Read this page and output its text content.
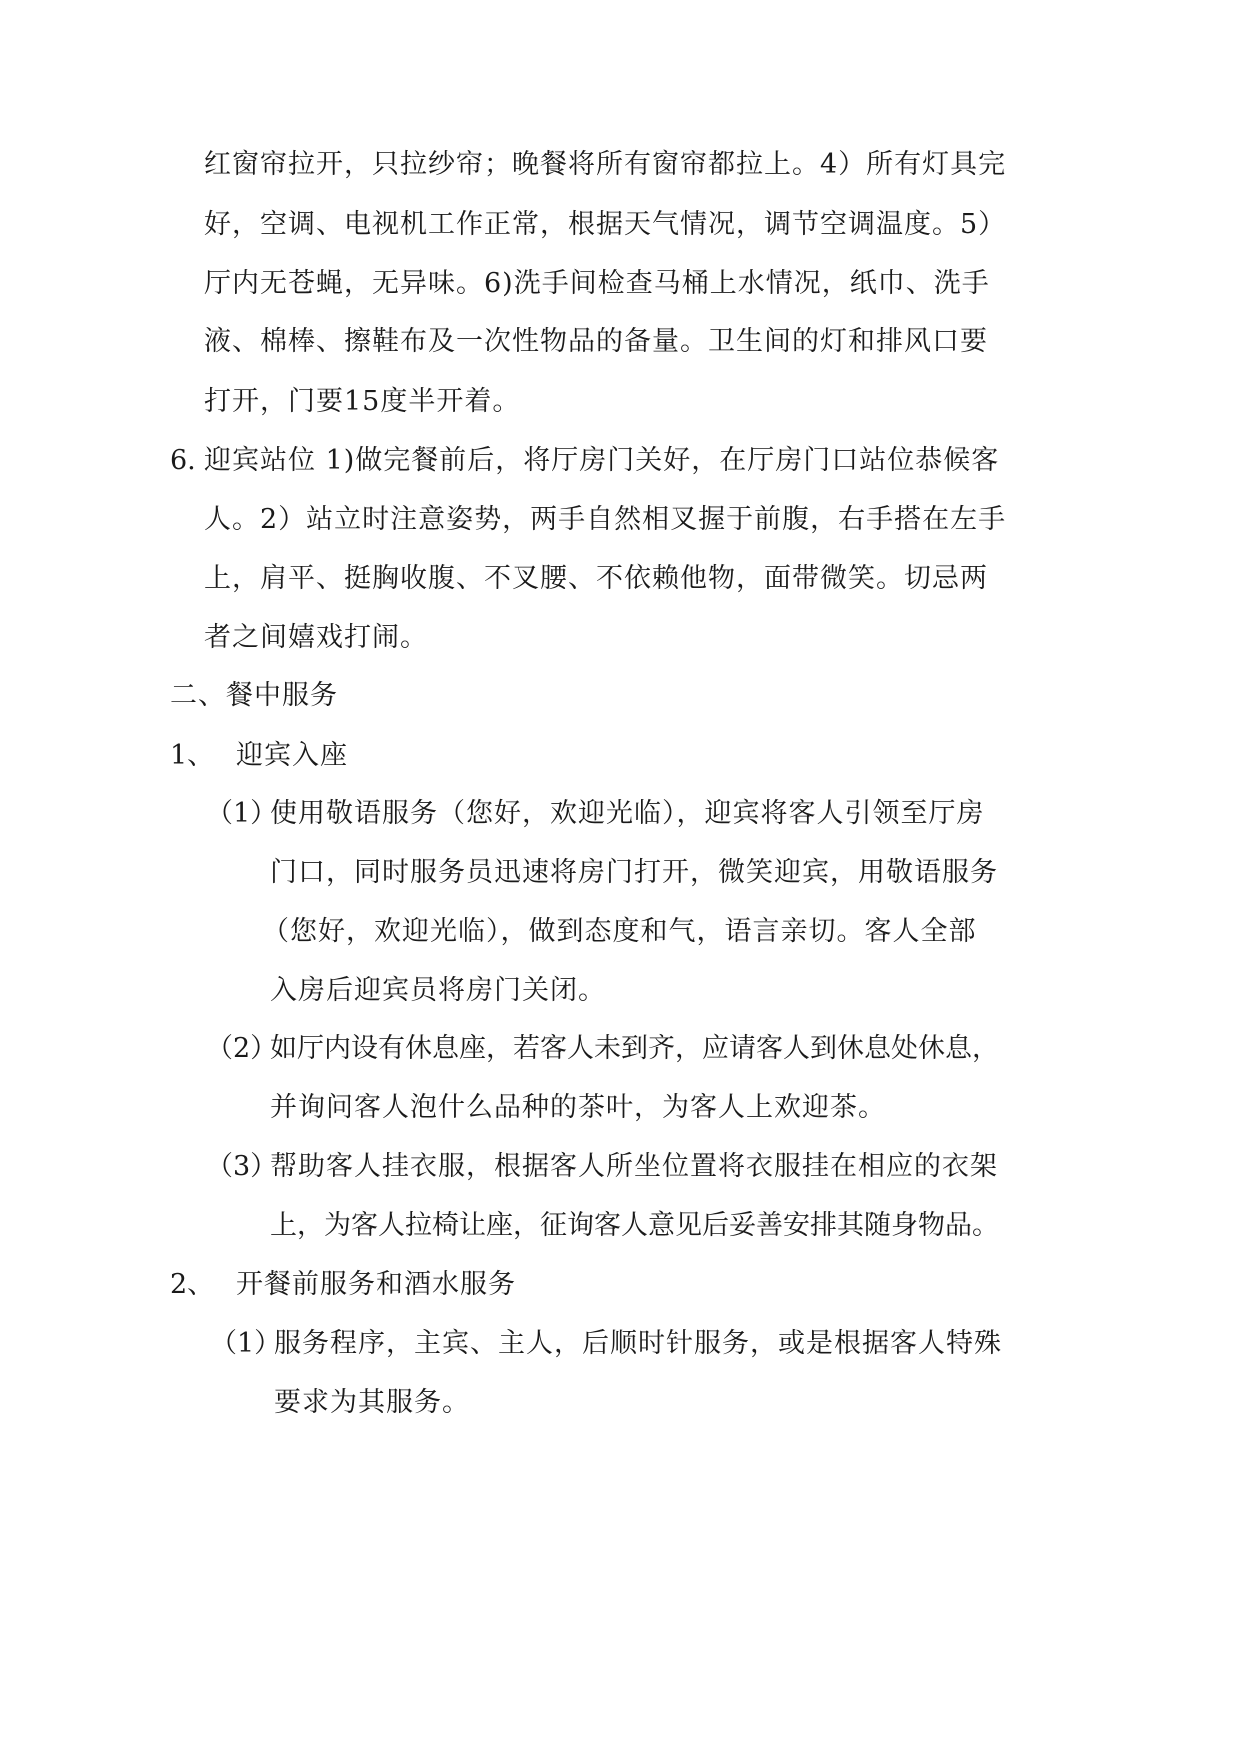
红窗帘拉开，只拉纱帘；晚餐将所有窗帘都拉上。4）所有灯具完
好，空调、电视机工作正常，根据天气情况，调节空调温度。5）
厅内无苍蝇，无异味。6)洗手间检查马桶上水情况，纸巾、洗手
液、棉棒、擦鞋布及一次性物品的备量。卫生间的灯和排风口要
打开，门要15度半开着。
6. 迎宾站位 1)做完餐前后，将厅房门关好，在厅房门口站位恭候客
人。2）站立时注意姿势，两手自然相叉握于前腹，右手搭在左手
上，肩平、挺胸收腹、不叉腰、不依赖他物，面带微笑。切忌两
者之间嬉戏打闹。
二、餐中服务
1、 迎宾入座
（1）
使用敬语服务（您好，欢迎光临），迎宾将客人引领至厅房
门口，同时服务员迅速将房门打开，微笑迎宾，用敬语服务
（您好，欢迎光临），做到态度和气，语言亲切。客人全部
入房后迎宾员将房门关闭。
（2）
如厅内设有休息座，若客人未到齐，应请客人到休息处休息，
并询问客人泡什么品种的茶叶，为客人上欢迎茶。
（3）
帮助客人挂衣服，根据客人所坐位置将衣服挂在相应的衣架
上，为客人拉椅让座，征询客人意见后妥善安排其随身物品。
2、 开餐前服务和酒水服务
（1）
服务程序，主宾、主人，后顺时针服务，或是根据客人特殊
要求为其服务。
